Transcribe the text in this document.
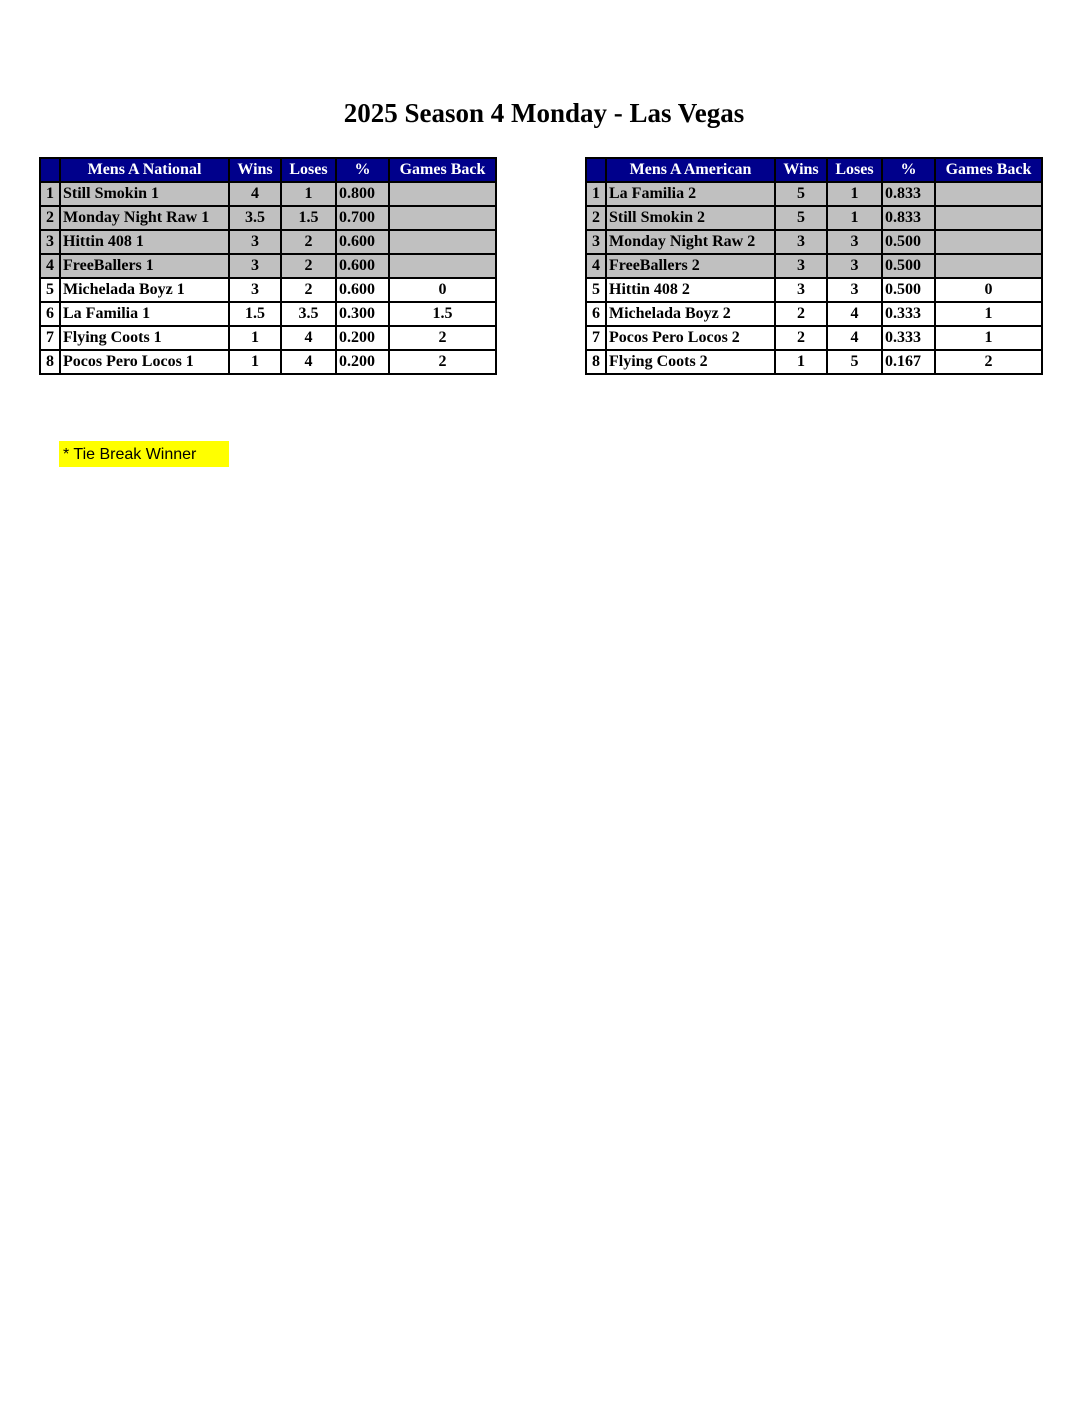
2025 Season 4 Monday - Las Vegas
	Mens A National	Wins	Loses	%	Games Back
1	Still Smokin 1	4	1	0.800	
2	Monday Night Raw 1	3.5	1.5	0.700	
3	Hittin 408 1	3	2	0.600	
4	FreeBallers 1	3	2	0.600	
5	Michelada Boyz 1	3	2	0.600	0
6	La Familia 1	1.5	3.5	0.300	1.5
7	Flying Coots 1	1	4	0.200	2
8	Pocos Pero Locos 1	1	4	0.200	2
	Mens A American	Wins	Loses	%	Games Back
1	La Familia 2	5	1	0.833	
2	Still Smokin 2	5	1	0.833	
3	Monday Night Raw 2	3	3	0.500	
4	FreeBallers 2	3	3	0.500	
5	Hittin 408 2	3	3	0.500	0
6	Michelada Boyz 2	2	4	0.333	1
7	Pocos Pero Locos 2	2	4	0.333	1
8	Flying Coots 2	1	5	0.167	2
* Tie Break Winner
